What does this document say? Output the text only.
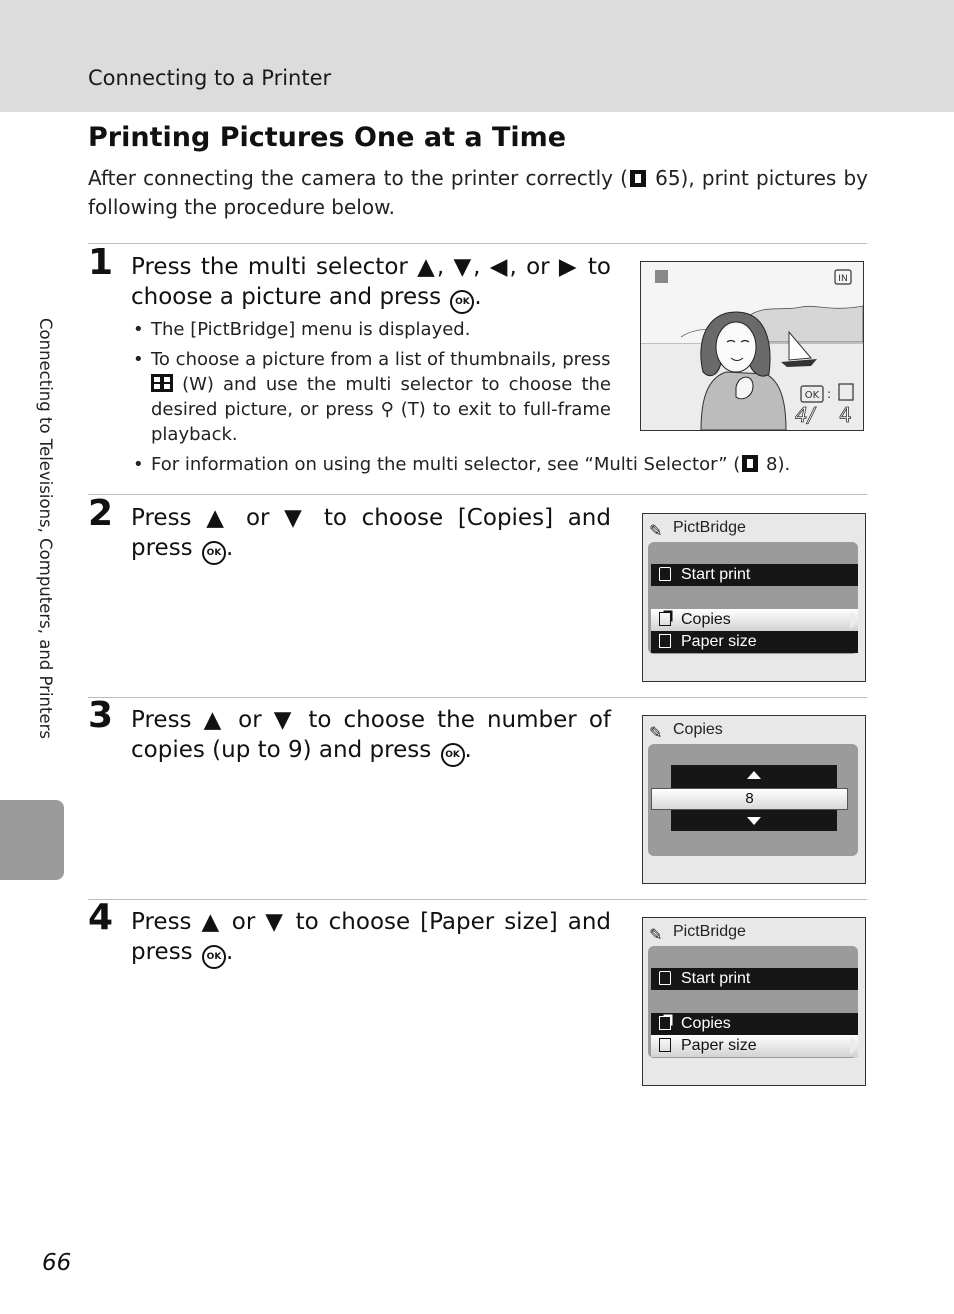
Connecting to a Printer
Connecting to Televisions, Computers, and Printers
Printing Pictures One at a Time
After connecting the camera to the printer correctly ( 65), print pictures by following the procedure below.
1 Press the multi selector ▲, ▼, ◀, or ▶ to choose a picture and press OK .
• The [PictBridge] menu is displayed.
• To choose a picture from a list of thumbnails, press
(W) and use the multi selector to choose the desired picture, or press ⚲ (T) to exit to full-frame playback.
• For information on using the multi selector, see “Multi Selector” ( 8).
IN
OK :
4/ 4
2 Press ▲ or ▼ to choose [Copies] and press OK .
✎ PictBridge
Start print
Copies
Paper size
3 Press ▲ or ▼ to choose the number of copies (up to 9) and press OK .
✎ Copies
8
4 Press ▲ or ▼ to choose [Paper size] and press OK .
✎ PictBridge
Start print
Copies
Paper size
66
